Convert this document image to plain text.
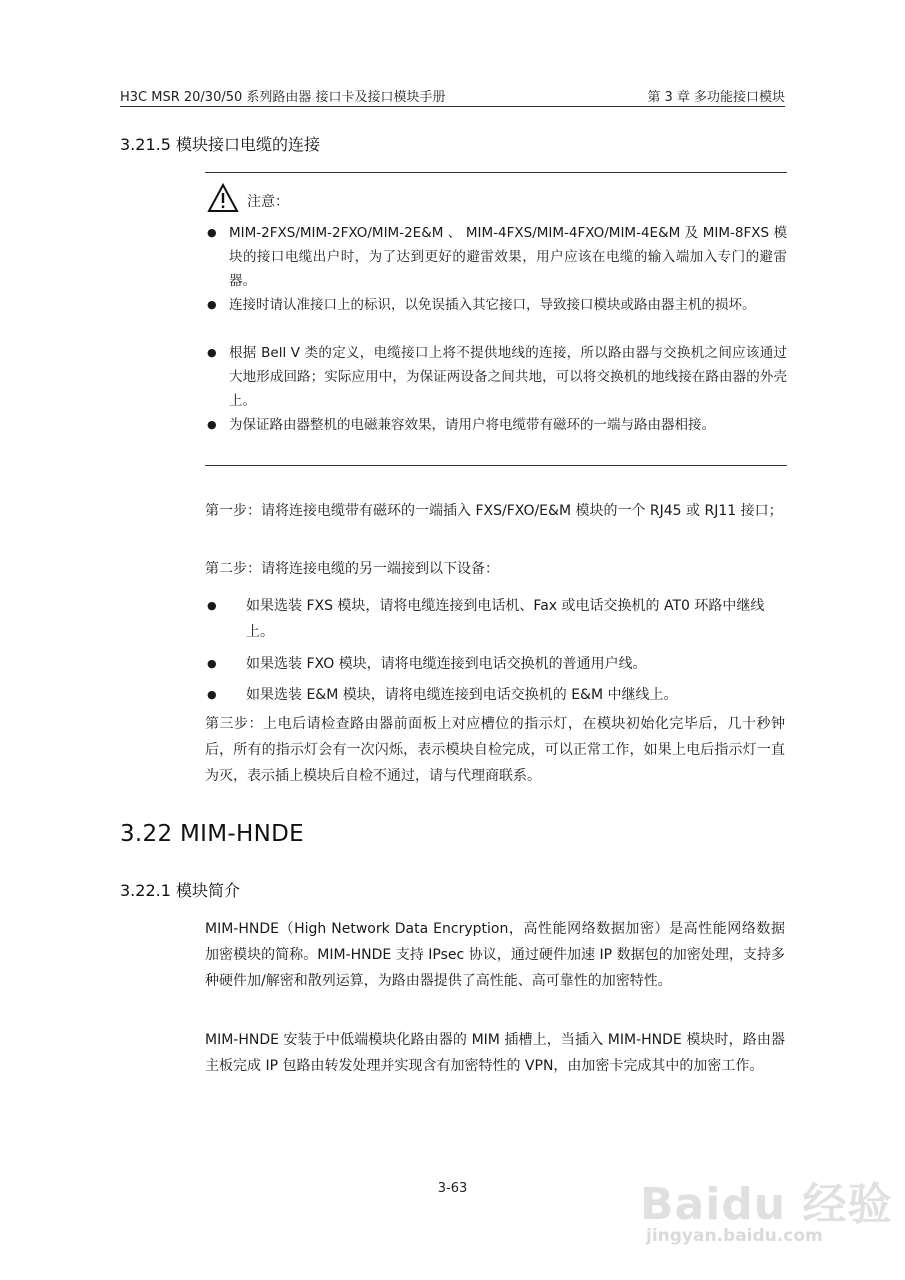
H3C MSR 20/30/50 系列路由器 接口卡及接口模块手册	第 3 章 多功能接口模块
3.21.5 模块接口电缆的连接
注意：
● MIM-2FXS/MIM-2FXO/MIM-2E&M 、 MIM-4FXS/MIM-4FXO/MIM-4E&M 及 MIM-8FXS 模块的接口电缆出户时，为了达到更好的避雷效果，用户应该在电缆的输入端加入专门的避雷器。
● 连接时请认准接口上的标识，以免误插入其它接口，导致接口模块或路由器主机的损坏。
● 根据 Bell V 类的定义，电缆接口上将不提供地线的连接，所以路由器与交换机之间应该通过大地形成回路；实际应用中，为保证两设备之间共地，可以将交换机的地线接在路由器的外壳上。
● 为保证路由器整机的电磁兼容效果，请用户将电缆带有磁环的一端与路由器相接。
第一步：请将连接电缆带有磁环的一端插入 FXS/FXO/E&M 模块的一个 RJ45 或 RJ11 接口；
第二步：请将连接电缆的另一端接到以下设备：
● 如果选装 FXS 模块，请将电缆连接到电话机、Fax 或电话交换机的 AT0 环路中继线上。
● 如果选装 FXO 模块，请将电缆连接到电话交换机的普通用户线。
● 如果选装 E&M 模块，请将电缆连接到电话交换机的 E&M 中继线上。
第三步：上电后请检查路由器前面板上对应槽位的指示灯，在模块初始化完毕后，几十秒钟后，所有的指示灯会有一次闪烁，表示模块自检完成，可以正常工作，如果上电后指示灯一直为灭，表示插上模块后自检不通过，请与代理商联系。
3.22 MIM-HNDE
3.22.1 模块简介
MIM-HNDE（High Network Data Encryption，高性能网络数据加密）是高性能网络数据加密模块的简称。MIM-HNDE 支持 IPsec 协议，通过硬件加速 IP 数据包的加密处理，支持多种硬件加/解密和散列运算，为路由器提供了高性能、高可靠性的加密特性。
MIM-HNDE 安装于中低端模块化路由器的 MIM 插槽上，当插入 MIM-HNDE 模块时，路由器主板完成 IP 包路由转发处理并实现含有加密特性的 VPN，由加密卡完成其中的加密工作。
3-63	Baidu 经验
jingyan.baidu.com
